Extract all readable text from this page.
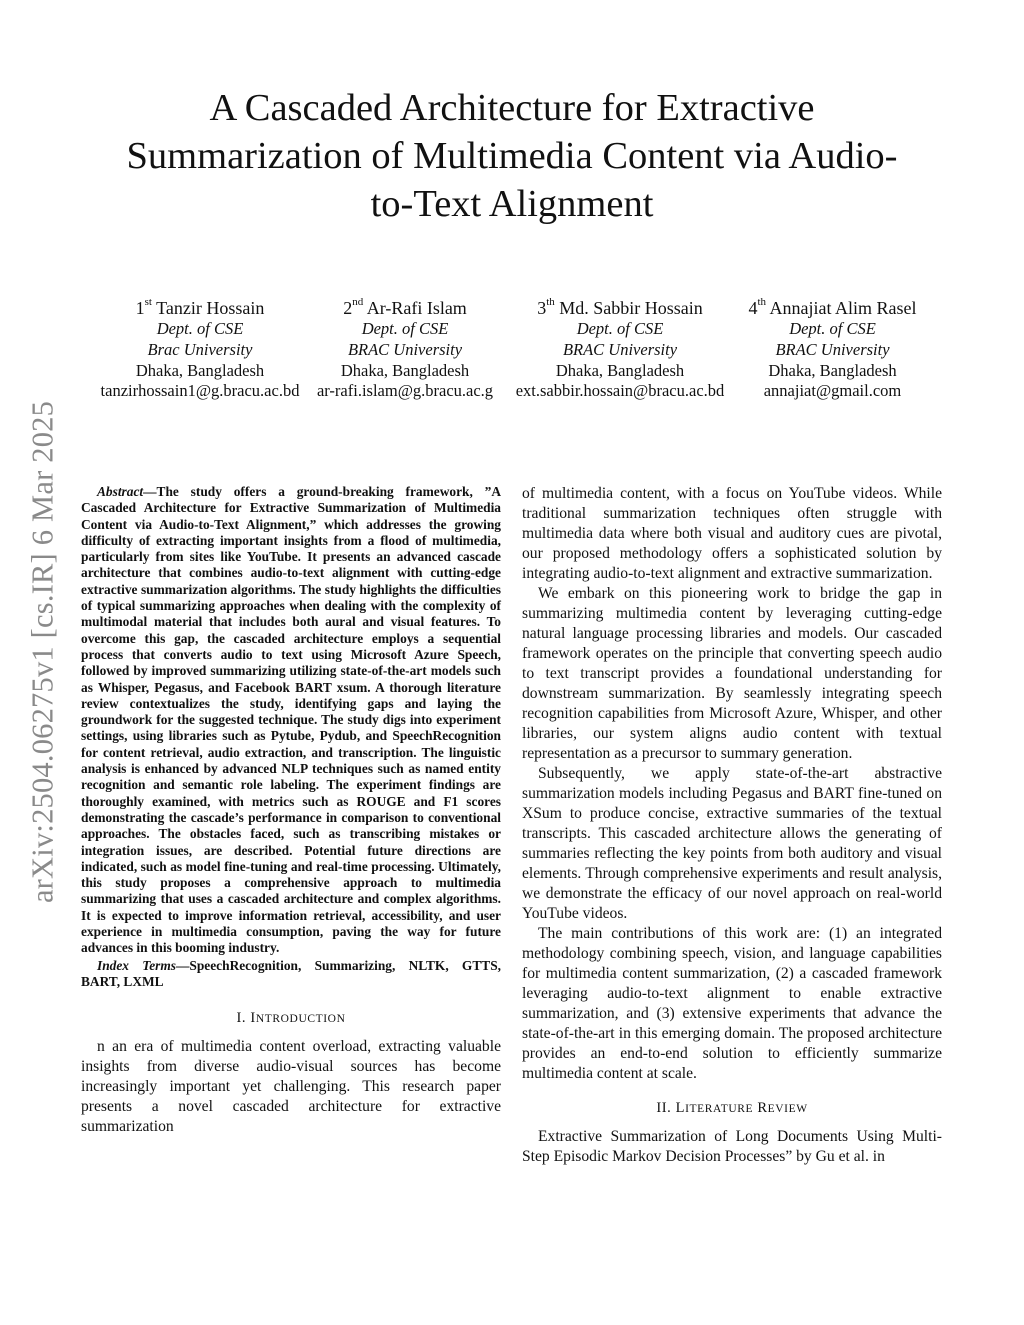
arXiv:2504.06275v1 [cs.IR] 6 Mar 2025
A Cascaded Architecture for Extractive Summarization of Multimedia Content via Audio-to-Text Alignment
1st Tanzir Hossain
Dept. of CSE
Brac University
Dhaka, Bangladesh
tanzirhossain1@g.bracu.ac.bd
2nd Ar-Rafi Islam
Dept. of CSE
BRAC University
Dhaka, Bangladesh
ar-rafi.islam@g.bracu.ac.g
3th Md. Sabbir Hossain
Dept. of CSE
BRAC University
Dhaka, Bangladesh
ext.sabbir.hossain@bracu.ac.bd
4th Annajiat Alim Rasel
Dept. of CSE
BRAC University
Dhaka, Bangladesh
annajiat@gmail.com

Abstract—The study offers a ground-breaking framework, ”A Cascaded Architecture for Extractive Summarization of Multimedia Content via Audio-to-Text Alignment,” which addresses the growing difficulty of extracting important insights from a flood of multimedia, particularly from sites like YouTube. It presents an advanced cascade architecture that combines audio-to-text alignment with cutting-edge extractive summarization algorithms. The study highlights the difficulties of typical summarizing approaches when dealing with the complexity of multimodal material that includes both aural and visual features. To overcome this gap, the cascaded architecture employs a sequential process that converts audio to text using Microsoft Azure Speech, followed by improved summarizing utilizing state-of-the-art models such as Whisper, Pegasus, and Facebook BART xsum. A thorough literature review contextualizes the study, identifying gaps and laying the groundwork for the suggested technique. The study digs into experiment settings, using libraries such as Pytube, Pydub, and SpeechRecognition for content retrieval, audio extraction, and transcription. The linguistic analysis is enhanced by advanced NLP techniques such as named entity recognition and semantic role labeling. The experiment findings are thoroughly examined, with metrics such as ROUGE and F1 scores demonstrating the cascade’s performance in comparison to conventional approaches. The obstacles faced, such as transcribing mistakes or integration issues, are described. Potential future directions are indicated, such as model fine-tuning and real-time processing. Ultimately, this study proposes a comprehensive approach to multimedia summarizing that uses a cascaded architecture and complex algorithms. It is expected to improve information retrieval, accessibility, and user experience in multimedia consumption, paving the way for future advances in this booming industry.

Index Terms—SpeechRecognition, Summarizing, NLTK, GTTS, BART, LXML

I. INTRODUCTION

n an era of multimedia content overload, extracting valuable insights from diverse audio-visual sources has become increasingly important yet challenging. This research paper presents a novel cascaded architecture for extractive summarization

of multimedia content, with a focus on YouTube videos. While traditional summarization techniques often struggle with multimedia data where both visual and auditory cues are pivotal, our proposed methodology offers a sophisticated solution by integrating audio-to-text alignment and extractive summarization.

We embark on this pioneering work to bridge the gap in summarizing multimedia content by leveraging cutting-edge natural language processing libraries and models. Our cascaded framework operates on the principle that converting speech audio to text transcript provides a foundational understanding for downstream summarization. By seamlessly integrating speech recognition capabilities from Microsoft Azure, Whisper, and other libraries, our system aligns audio content with textual representation as a precursor to summary generation.

Subsequently, we apply state-of-the-art abstractive summarization models including Pegasus and BART fine-tuned on XSum to produce concise, extractive summaries of the textual transcripts. This cascaded architecture allows the generating of summaries reflecting the key points from both auditory and visual elements. Through comprehensive experiments and result analysis, we demonstrate the efficacy of our novel approach on real-world YouTube videos.

The main contributions of this work are: (1) an integrated methodology combining speech, vision, and language capabilities for multimedia content summarization, (2) a cascaded framework leveraging audio-to-text alignment to enable extractive summarization, and (3) extensive experiments that advance the state-of-the-art in this emerging domain. The proposed architecture provides an end-to-end solution to efficiently summarize multimedia content at scale.

II. LITERATURE REVIEW

Extractive Summarization of Long Documents Using Multi-Step Episodic Markov Decision Processes” by Gu et al. in
